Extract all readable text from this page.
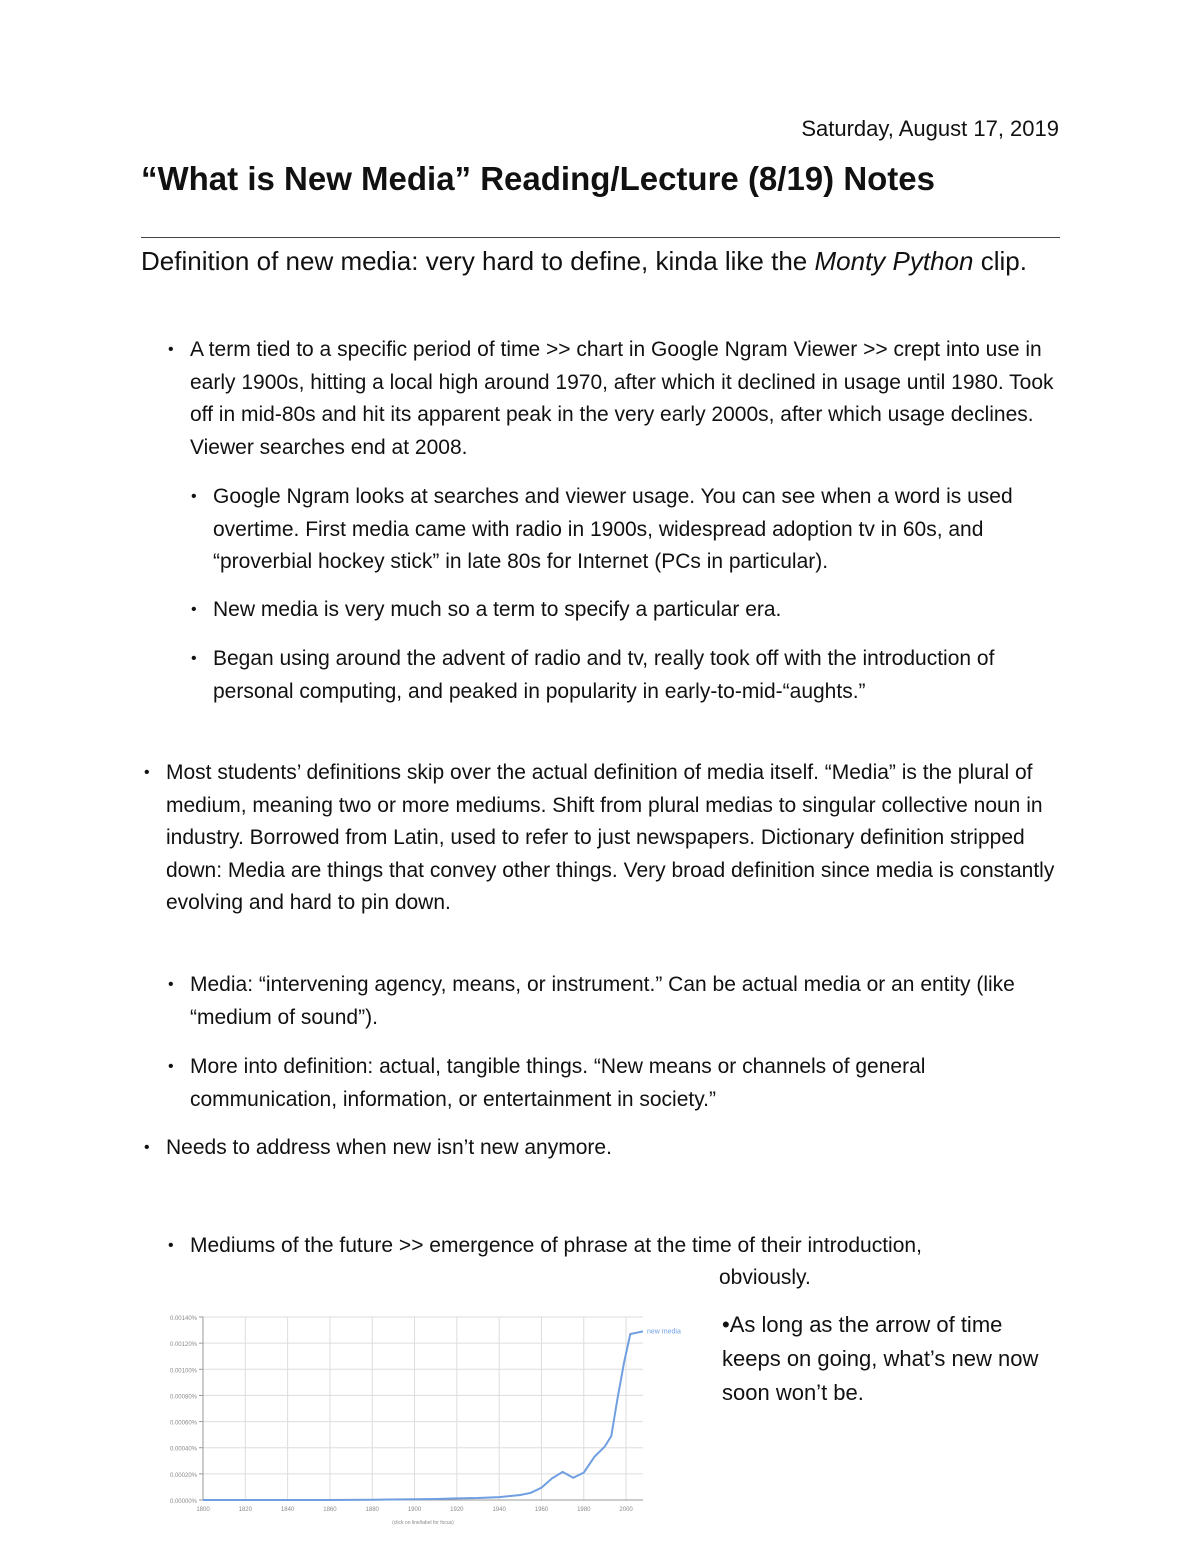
Saturday, August 17, 2019
“What is New Media” Reading/Lecture (8/19) Notes
Definition of new media: very hard to define, kinda like the Monty Python clip.
• A term tied to a specific period of time >> chart in Google Ngram Viewer >> crept into use in early 1900s, hitting a local high around 1970, after which it declined in usage until 1980. Took off in mid-80s and hit its apparent peak in the very early 2000s, after which usage declines. Viewer searches end at 2008.
• Google Ngram looks at searches and viewer usage. You can see when a word is used overtime. First media came with radio in 1900s, widespread adoption tv in 60s, and “proverbial hockey stick” in late 80s for Internet (PCs in particular).
• New media is very much so a term to specify a particular era.
• Began using around the advent of radio and tv, really took off with the introduction of personal computing, and peaked in popularity in early-to-mid-“aughts.”
• Most students’ definitions skip over the actual definition of media itself. “Media” is the plural of medium, meaning two or more mediums. Shift from plural medias to singular collective noun in industry. Borrowed from Latin, used to refer to just newspapers. Dictionary definition stripped down: Media are things that convey other things. Very broad definition since media is constantly evolving and hard to pin down.
• Media: “intervening agency, means, or instrument.” Can be actual media or an entity (like “medium of sound”).
• More into definition: actual, tangible things. “New means or channels of general communication, information, or entertainment in society.”
• Needs to address when new isn’t new anymore.
• Mediums of the future >> emergence of phrase at the time of their introduction,
obviously.
•As long as the arrow of time keeps on going, what’s new now soon won’t be.
0.00000%
0.00020%
0.00040%
0.00060%
0.00080%
0.00100%
0.00120%
0.00140%
1800	1820	1840	1860	1880	1900	1920	1940	1960	1980	2000
(click on line/label for focus)
new media
